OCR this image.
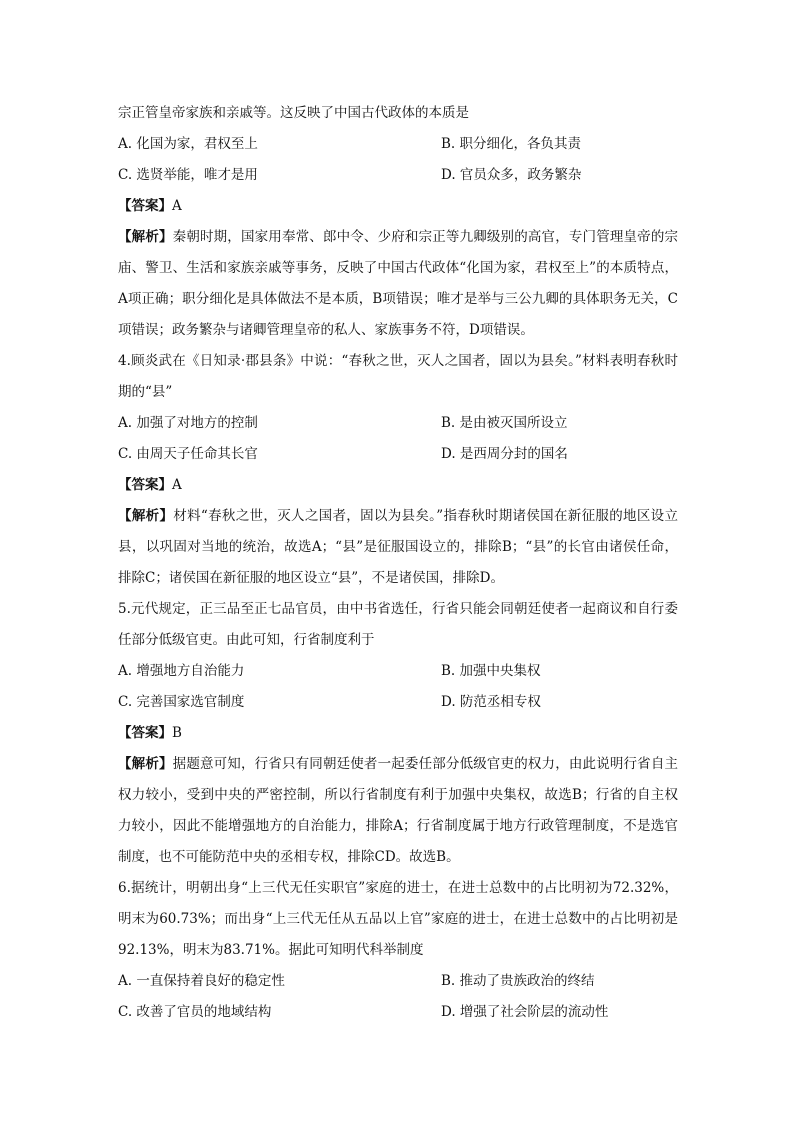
宗正管皇帝家族和亲戚等。这反映了中国古代政体的本质是
A. 化国为家，君权至上	B. 职分细化，各负其责
C. 选贤举能，唯才是用	D. 官员众多，政务繁杂
【答案】A
【解析】秦朝时期，国家用奉常、郎中令、少府和宗正等九卿级别的高官，专门管理皇帝的宗庙、警卫、生活和家族亲戚等事务，反映了中国古代政体“化国为家，君权至上”的本质特点，A项正确；职分细化是具体做法不是本质，B项错误；唯才是举与三公九卿的具体职务无关，C项错误；政务繁杂与诸卿管理皇帝的私人、家族事务不符，D项错误。
4.顾炎武在《日知录·郡县条》中说：“春秋之世，灭人之国者，固以为县矣。”材料表明春秋时期的“县”
A. 加强了对地方的控制	B. 是由被灭国所设立
C. 由周天子任命其长官	D. 是西周分封的国名
【答案】A
【解析】材料“春秋之世，灭人之国者，固以为县矣。”指春秋时期诸侯国在新征服的地区设立县，以巩固对当地的统治，故选A；“县”是征服国设立的，排除B；“县”的长官由诸侯任命，排除C；诸侯国在新征服的地区设立“县”，不是诸侯国，排除D。
5.元代规定，正三品至正七品官员，由中书省选任，行省只能会同朝廷使者一起商议和自行委任部分低级官吏。由此可知，行省制度利于
A. 增强地方自治能力	B. 加强中央集权
C. 完善国家选官制度	D. 防范丞相专权
【答案】B
【解析】据题意可知，行省只有同朝廷使者一起委任部分低级官吏的权力，由此说明行省自主权力较小，受到中央的严密控制，所以行省制度有利于加强中央集权，故选B；行省的自主权力较小，因此不能增强地方的自治能力，排除A；行省制度属于地方行政管理制度，不是选官制度，也不可能防范中央的丞相专权，排除CD。故选B。
6.据统计，明朝出身“上三代无任实职官”家庭的进士，在进士总数中的占比明初为72.32%，明末为60.73%；而出身“上三代无任从五品以上官”家庭的进士，在进士总数中的占比明初是92.13%，明末为83.71%。据此可知明代科举制度
A. 一直保持着良好的稳定性	B. 推动了贵族政治的终结
C. 改善了官员的地域结构	D. 增强了社会阶层的流动性
